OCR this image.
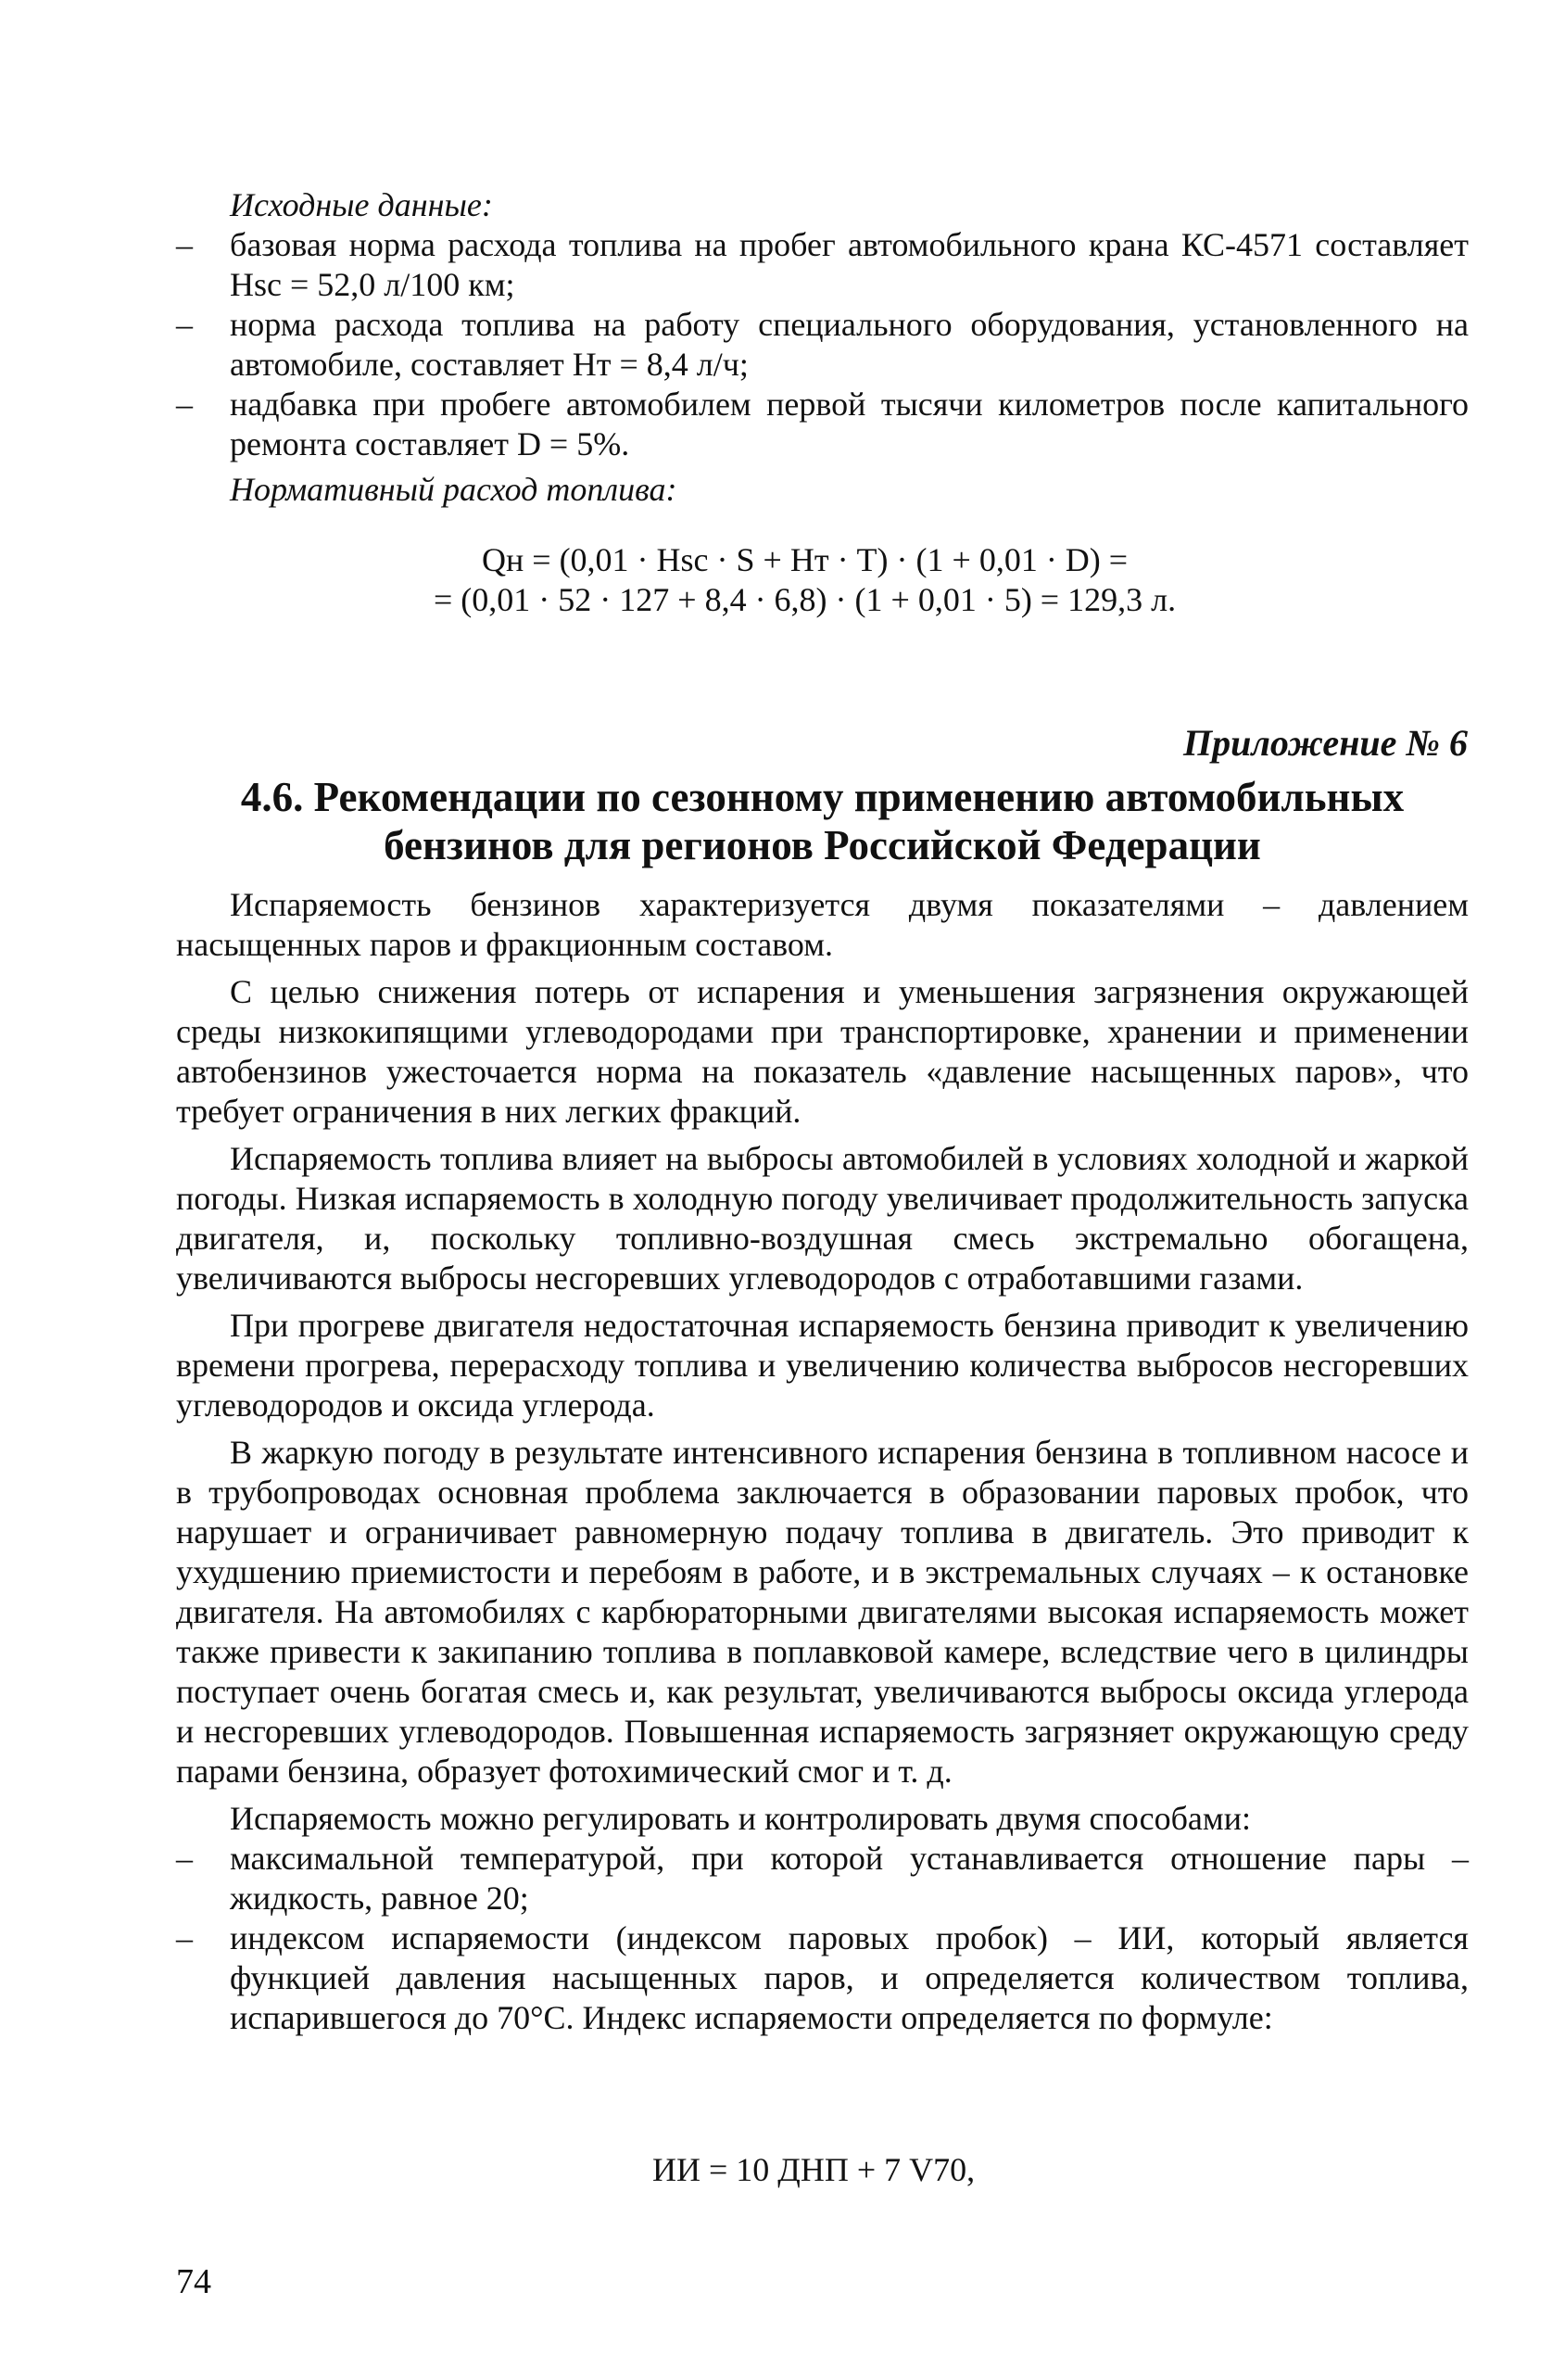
Исходные данные:

– базовая норма расхода топлива на пробег автомобильного крана КС-4571 составляет Hsc = 52,0 л/100 км;

– норма расхода топлива на работу специального оборудования, установленного на автомобиле, составляет Нт = 8,4 л/ч;

– надбавка при пробеге автомобилем первой тысячи километров после капитального ремонта составляет D = 5%.

Нормативный расход топлива:

Qн = (0,01 · Hsc · S + Нт · T) · (1 + 0,01 · D) =

= (0,01 · 52 · 127 + 8,4 · 6,8) · (1 + 0,01 · 5) = 129,3 л.

Приложение № 6
4.6. Рекомендации по сезонному применению автомобильных
бензинов для регионов Российской Федерации

Испаряемость бензинов характеризуется двумя показателями – давлением насыщенных паров и фракционным составом.

С целью снижения потерь от испарения и уменьшения загрязнения окружающей среды низкокипящими углеводородами при транспортировке, хранении и применении автобензинов ужесточается норма на показатель «давление насыщенных паров», что требует ограничения в них легких фракций.

Испаряемость топлива влияет на выбросы автомобилей в условиях холодной и жаркой погоды. Низкая испаряемость в холодную погоду увеличивает продолжительность запуска двигателя, и, поскольку топливно-воздушная смесь экстремально обогащена, увеличиваются выбросы несгоревших углеводородов с отработавшими газами.

При прогреве двигателя недостаточная испаряемость бензина приводит к увеличению времени прогрева, перерасходу топлива и увеличению количества выбросов несгоревших углеводородов и оксида углерода.

В жаркую погоду в результате интенсивного испарения бензина в топливном насосе и в трубопроводах основная проблема заключается в образовании паровых пробок, что нарушает и ограничивает равномерную подачу топлива в двигатель. Это приводит к ухудшению приемистости и перебоям в работе, и в экстремальных случаях – к остановке двигателя. На автомобилях с карбюраторными двигателями высокая испаряемость может также привести к закипанию топлива в поплавковой камере, вследствие чего в цилиндры поступает очень богатая смесь и, как результат, увеличиваются выбросы оксида углерода и несгоревших углеводородов. Повышенная испаряемость загрязняет окружающую среду парами бензина, образует фотохимический смог и т. д.

Испаряемость можно регулировать и контролировать двумя способами:

– максимальной температурой, при которой устанавливается отношение пары – жидкость, равное 20;

– индексом испаряемости (индексом паровых пробок) – ИИ, который является функцией давления насыщенных паров, и определяется количеством топлива, испарившегося до 70°С. Индекс испаряемости определяется по формуле:

ИИ = 10 ДНП + 7 V70,

74
